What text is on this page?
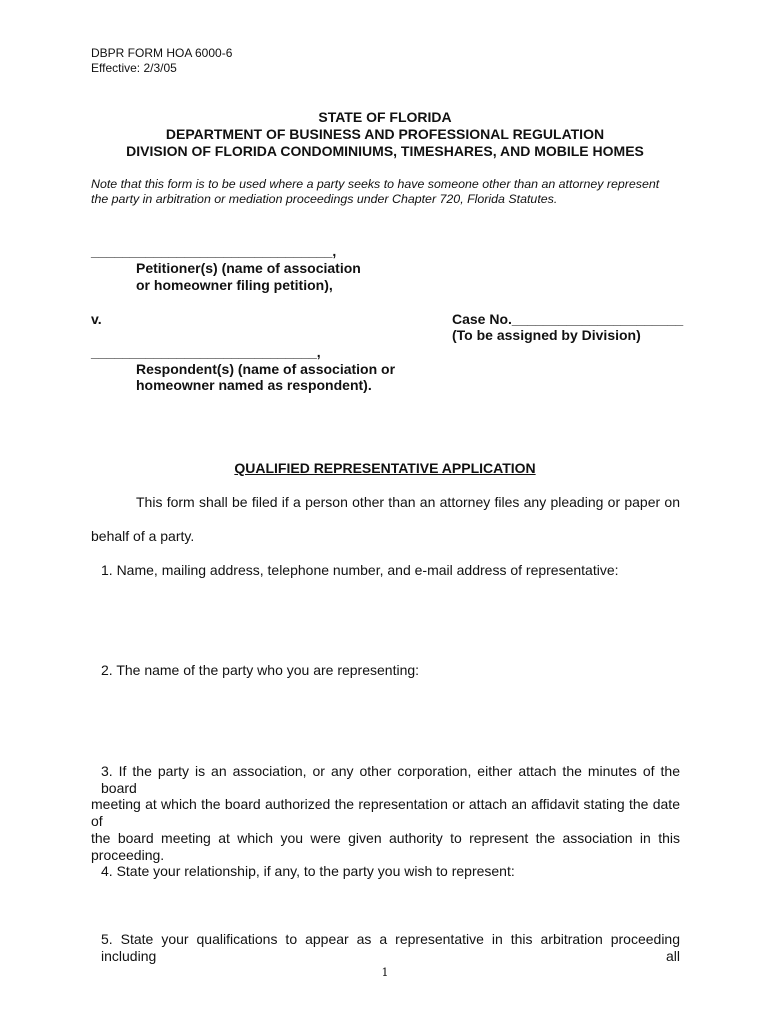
DBPR FORM HOA 6000-6
Effective: 2/3/05
STATE OF FLORIDA
DEPARTMENT OF BUSINESS AND PROFESSIONAL REGULATION
DIVISION OF FLORIDA CONDOMINIUMS, TIMESHARES, AND MOBILE HOMES
Note that this form is to be used where a party seeks to have someone other than an attorney represent
the party in arbitration or mediation proceedings under Chapter 720, Florida Statutes.
_______________________________,
Petitioner(s) (name of association
or homeowner filing petition),
v.	Case No.______________________
(To be assigned by Division)
_____________________________,
Respondent(s) (name of association or
homeowner named as respondent).
QUALIFIED REPRESENTATIVE APPLICATION
This form shall be filed if a person other than an attorney files any pleading or paper on
behalf of a party.
1. Name, mailing address, telephone number, and e-mail address of representative:
2. The name of the party who you are representing:
3. If the party is an association, or any other corporation, either attach the minutes of the board
meeting at which the board authorized the representation or attach an affidavit stating the date of
the board meeting at which you were given authority to represent the association in this proceeding.
4. State your relationship, if any, to the party you wish to represent:
5. State your qualifications to appear as a representative in this arbitration proceeding including all
1
